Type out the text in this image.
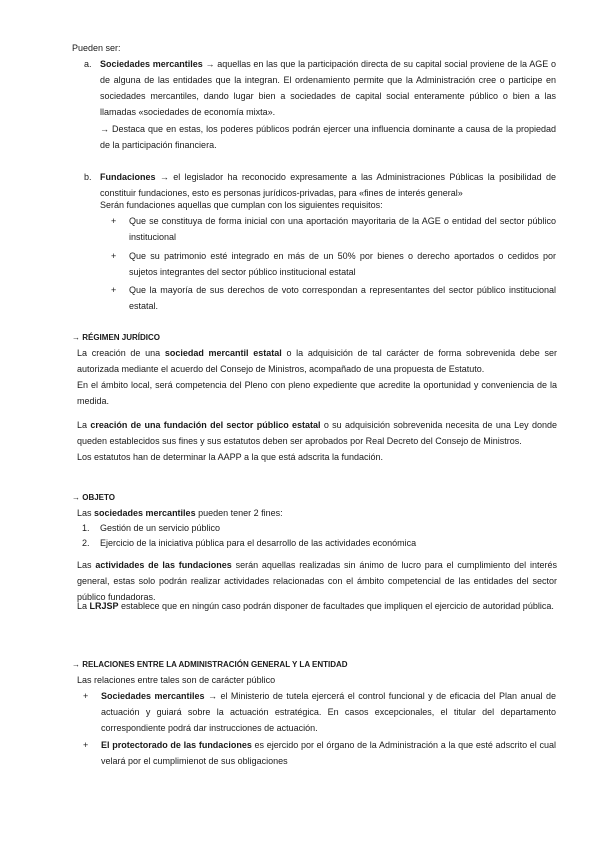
Pueden ser:
a. Sociedades mercantiles → aquellas en las que la participación directa de su capital social proviene de la AGE o de alguna de las entidades que la integran. El ordenamiento permite que la Administración cree o participe en sociedades mercantiles, dando lugar bien a sociedades de capital social enteramente público o bien a las llamadas «sociedades de economía mixta».
→ Destaca que en estas, los poderes públicos podrán ejercer una influencia dominante a causa de la propiedad de la participación financiera.
b. Fundaciones → el legislador ha reconocido expresamente a las Administraciones Públicas la posibilidad de constituir fundaciones, esto es personas jurídicos-privadas, para «fines de interés general»
Serán fundaciones aquellas que cumplan con los siguientes requisitos:
+ Que se constituya de forma inicial con una aportación mayoritaria de la AGE o entidad del sector público institucional
+ Que su patrimonio esté integrado en más de un 50% por bienes o derecho aportados o cedidos por sujetos integrantes del sector público institucional estatal
+ Que la mayoría de sus derechos de voto correspondan a representantes del sector público institucional estatal.
→ RÉGIMEN JURÍDICO
La creación de una sociedad mercantil estatal o la adquisición de tal carácter de forma sobrevenida debe ser autorizada mediante el acuerdo del Consejo de Ministros, acompañado de una propuesta de Estatuto.
En el ámbito local, será competencia del Pleno con pleno expediente que acredite la oportunidad y conveniencia de la medida.
La creación de una fundación del sector público estatal o su adquisición sobrevenida necesita de una Ley donde queden establecidos sus fines y sus estatutos deben ser aprobados por Real Decreto del Consejo de Ministros.
Los estatutos han de determinar la AAPP a la que está adscrita la fundación.
→ OBJETO
Las sociedades mercantiles pueden tener 2 fines:
1. Gestión de un servicio público
2. Ejercicio de la iniciativa pública para el desarrollo de las actividades económica
Las actividades de las fundaciones serán aquellas realizadas sin ánimo de lucro para el cumplimiento del interés general, estas solo podrán realizar actividades relacionadas con el ámbito competencial de las entidades del sector público fundadoras.
La LRJSP establece que en ningún caso podrán disponer de facultades que impliquen el ejercicio de autoridad pública.
→ RELACIONES ENTRE LA ADMINISTRACIÓN GENERAL Y LA ENTIDAD
Las relaciones entre tales son de carácter público
+ Sociedades mercantiles → el Ministerio de tutela ejercerá el control funcional y de eficacia del Plan anual de actuación y guiará sobre la actuación estratégica. En casos excepcionales, el titular del departamento correspondiente podrá dar instrucciones de actuación.
+ El protectorado de las fundaciones es ejercido por el órgano de la Administración a la que esté adscrito el cual velará por el cumplimienot de sus obligaciones
